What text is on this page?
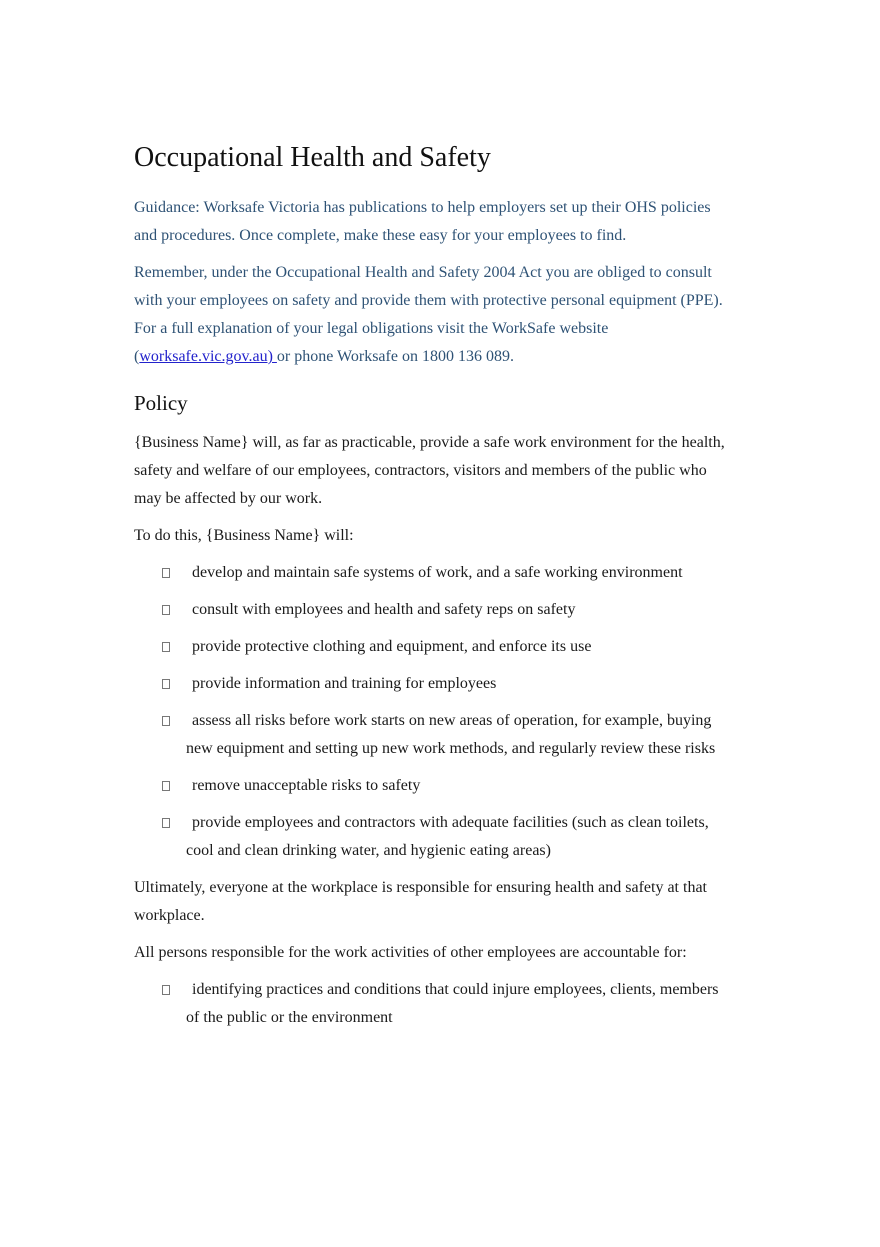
Occupational Health and Safety

Guidance: Worksafe Victoria has publications to help employers set up their OHS policies and procedures. Once complete, make these easy for your employees to find.

Remember, under the Occupational Health and Safety 2004 Act you are obliged to consult with your employees on safety and provide them with protective personal equipment (PPE). For a full explanation of your legal obligations visit the WorkSafe website (worksafe.vic.gov.au) or phone Worksafe on 1800 136 089.

Policy

{Business Name} will, as far as practicable, provide a safe work environment for the health, safety and welfare of our employees, contractors, visitors and members of the public who may be affected by our work.

To do this, {Business Name} will:

develop and maintain safe systems of work, and a safe working environment
consult with employees and health and safety reps on safety
provide protective clothing and equipment, and enforce its use
provide information and training for employees
assess all risks before work starts on new areas of operation, for example, buying new equipment and setting up new work methods, and regularly review these risks
remove unacceptable risks to safety
provide employees and contractors with adequate facilities (such as clean toilets, cool and clean drinking water, and hygienic eating areas)

Ultimately, everyone at the workplace is responsible for ensuring health and safety at that workplace.

All persons responsible for the work activities of other employees are accountable for:

identifying practices and conditions that could injure employees, clients, members of the public or the environment
